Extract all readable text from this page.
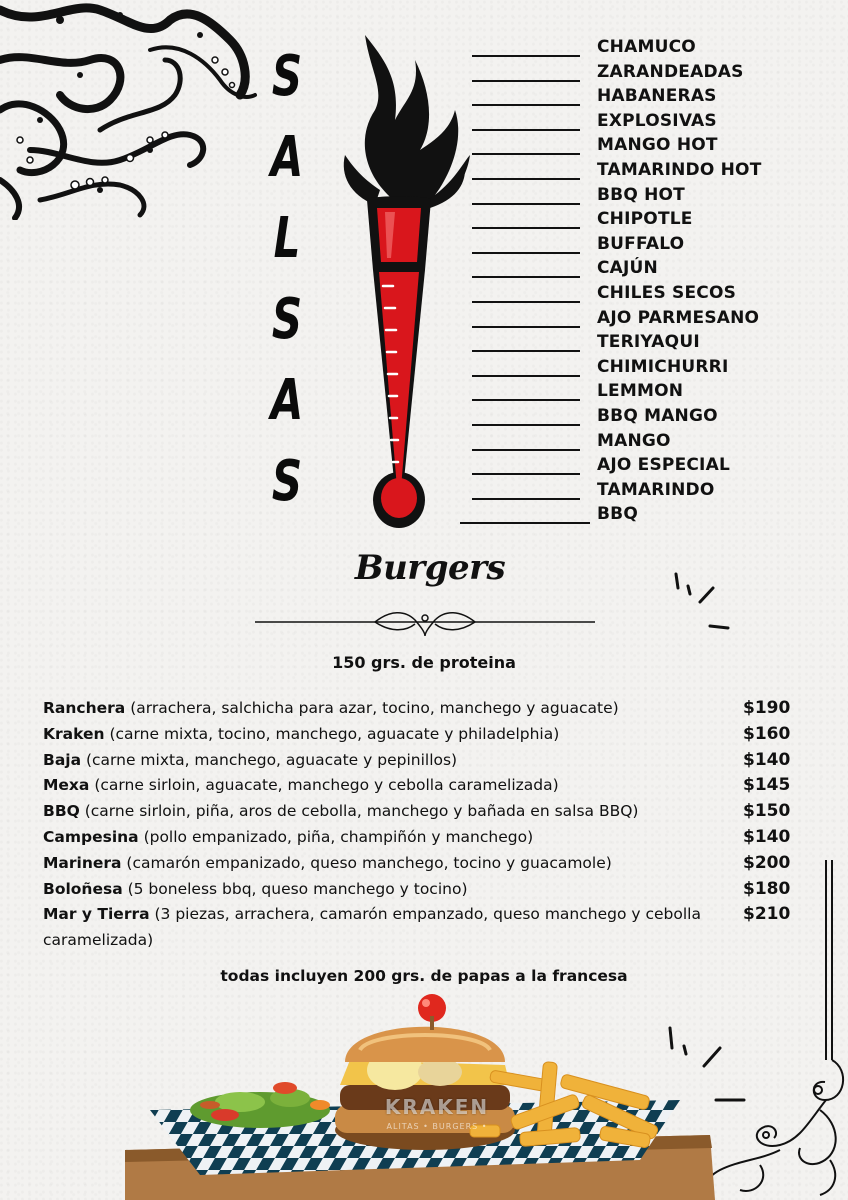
S
A
L
S
A
S
CHAMUCO
ZARANDEADAS
HABANERAS
EXPLOSIVAS
MANGO HOT
TAMARINDO HOT
BBQ HOT
CHIPOTLE
BUFFALO
CAJÚN
CHILES SECOS
AJO PARMESANO
TERIYAQUI
CHIMICHURRI
LEMMON
BBQ MANGO
MANGO
AJO ESPECIAL
TAMARINDO
BBQ
Burgers
150 grs. de proteina
Ranchera (arrachera, salchicha para azar, tocino, manchego y aguacate)	$190
Kraken (carne mixta, tocino, manchego, aguacate y philadelphia)	$160
Baja (carne mixta, manchego, aguacate y pepinillos)	$140
Mexa (carne sirloin, aguacate, manchego y cebolla caramelizada)	$145
BBQ (carne sirloin, piña, aros de cebolla, manchego y bañada en salsa BBQ)	$150
Campesina (pollo empanizado, piña, champiñón y manchego)	$140
Marinera (camarón empanizado, queso manchego, tocino y guacamole)	$200
Boloñesa (5 boneless bbq, queso manchego y tocino)	$180
Mar y Tierra (3 piezas, arrachera, camarón empanzado, queso manchego y cebolla caramelizada)
$210
todas incluyen 200 grs. de papas a la francesa
KRAKEN
ALITAS • BURGERS •
